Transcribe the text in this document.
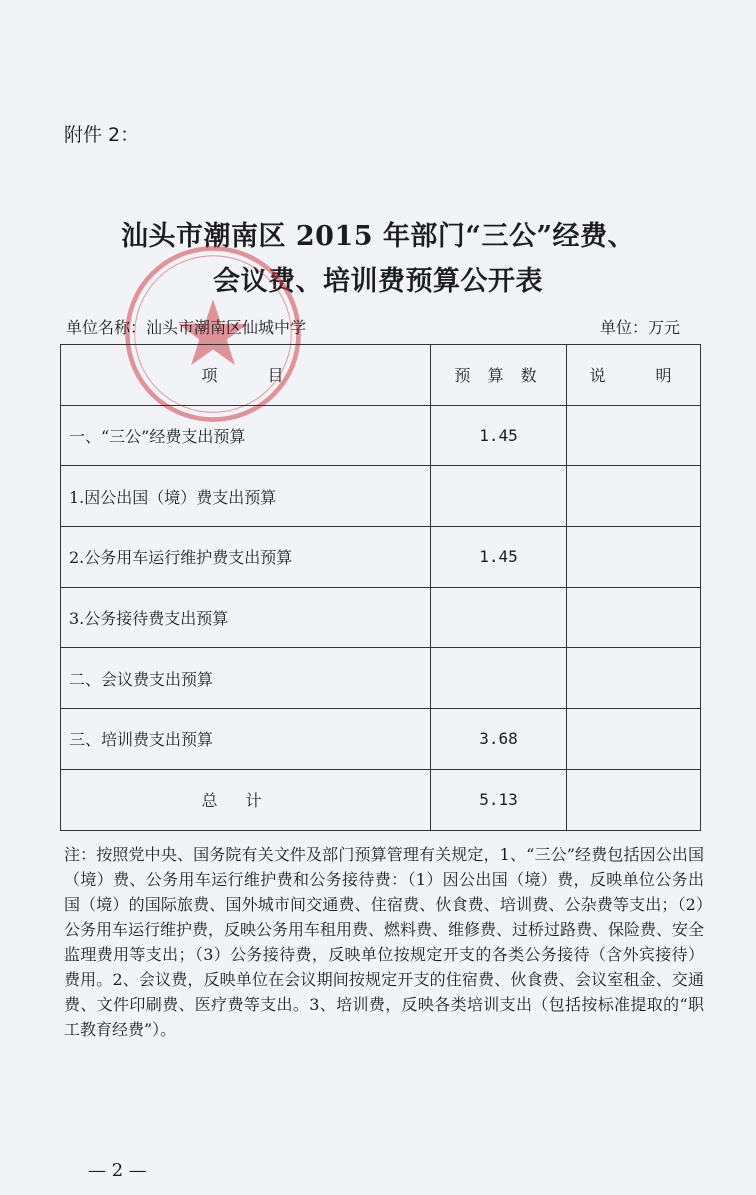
附件 2：
汕头市潮南区 2015 年部门“三公”经费、
会议费、培训费预算公开表
单位名称：汕头市潮南区仙城中学	单位：万元
项　　目	预 算 数	说　　明
一、“三公”经费支出预算	1.45	
1.因公出国（境）费支出预算		
2.公务用车运行维护费支出预算	1.45	
3.公务接待费支出预算		
二、会议费支出预算		
三、培训费支出预算	3.68	
总计	5.13	
注：按照党中央、国务院有关文件及部门预算管理有关规定，1、“三公”经费包括因公出国（境）费、公务用车运行维护费和公务接待费：（1）因公出国（境）费，反映单位公务出国（境）的国际旅费、国外城市间交通费、住宿费、伙食费、培训费、公杂费等支出；（2）公务用车运行维护费，反映公务用车租用费、燃料费、维修费、过桥过路费、保险费、安全监理费用等支出；（3）公务接待费，反映单位按规定开支的各类公务接待（含外宾接待）费用。2、会议费，反映单位在会议期间按规定开支的住宿费、伙食费、会议室租金、交通费、文件印刷费、医疗费等支出。3、培训费，反映各类培训支出（包括按标准提取的“职工教育经费”）。
— 2 —
